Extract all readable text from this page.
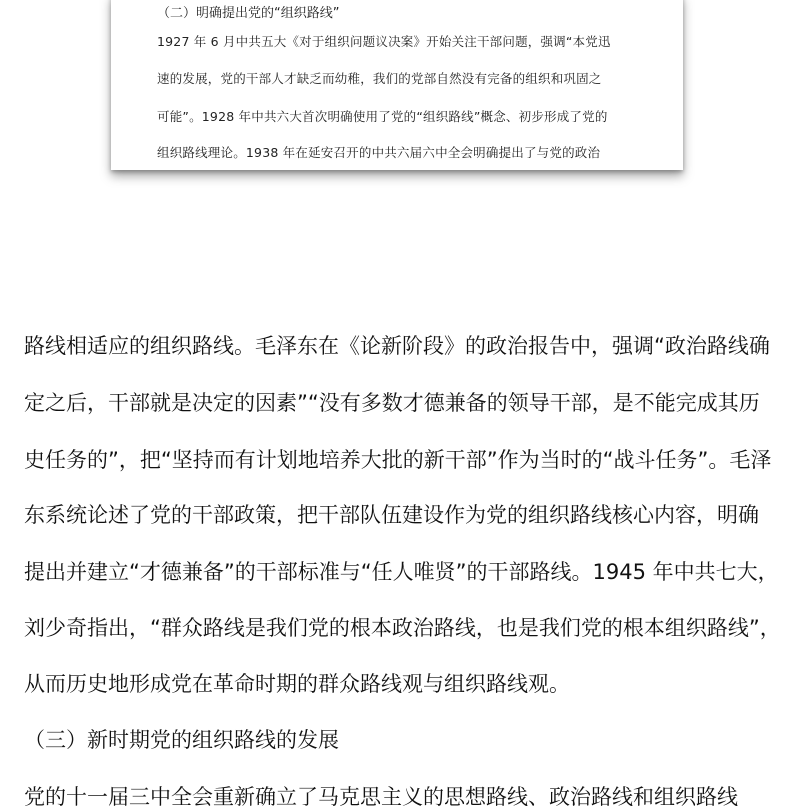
（二）明确提出党的“组织路线”
1927 年 6 月中共五大《对于组织问题议决案》开始关注干部问题，强调“本党迅
速的发展，党的干部人才缺乏而幼稚，我们的党部自然没有完备的组织和巩固之
可能”。1928 年中共六大首次明确使用了党的“组织路线”概念、初步形成了党的
组织路线理论。1938 年在延安召开的中共六届六中全会明确提出了与党的政治
路线相适应的组织路线。毛泽东在《论新阶段》的政治报告中，强调“政治路线确
定之后，干部就是决定的因素”“没有多数才德兼备的领导干部，是不能完成其历
史任务的”，把“坚持而有计划地培养大批的新干部”作为当时的“战斗任务”。毛泽
东系统论述了党的干部政策，把干部队伍建设作为党的组织路线核心内容，明确
提出并建立“才德兼备”的干部标准与“任人唯贤”的干部路线。1945 年中共七大，
刘少奇指出，“群众路线是我们党的根本政治路线，也是我们党的根本组织路线”，
从而历史地形成党在革命时期的群众路线观与组织路线观。
（三）新时期党的组织路线的发展
党的十一届三中全会重新确立了马克思主义的思想路线、政治路线和组织路线
